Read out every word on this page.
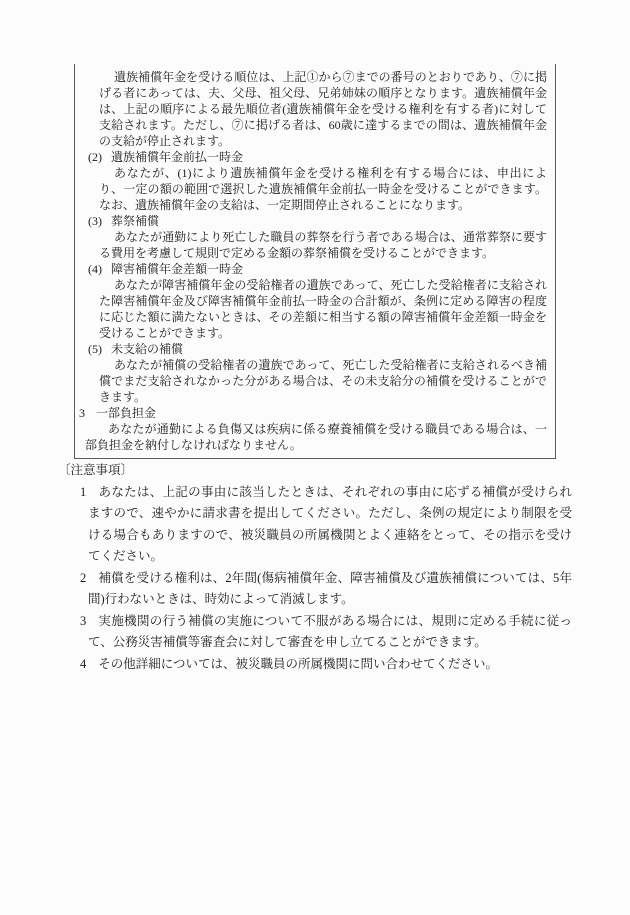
遺族補償年金を受ける順位は、上記①から⑦までの番号のとおりであり、⑦に掲げる者にあっては、夫、父母、祖父母、兄弟姉妹の順序となります。遺族補償年金は、上記の順序による最先順位者(遺族補償年金を受ける権利を有する者)に対して支給されます。ただし、⑦に掲げる者は、60歳に達するまでの間は、遺族補償年金の支給が停止されます。

(2) 遺族補償年金前払一時金

あなたが、(1)により遺族補償年金を受ける権利を有する場合には、申出により、一定の額の範囲で選択した遺族補償年金前払一時金を受けることができます。なお、遺族補償年金の支給は、一定期間停止されることになります。

(3) 葬祭補償

あなたが通勤により死亡した職員の葬祭を行う者である場合は、通常葬祭に要する費用を考慮して規則で定める金額の葬祭補償を受けることができます。

(4) 障害補償年金差額一時金

あなたが障害補償年金の受給権者の遺族であって、死亡した受給権者に支給された障害補償年金及び障害補償年金前払一時金の合計額が、条例に定める障害の程度に応じた額に満たないときは、その差額に相当する額の障害補償年金差額一時金を受けることができます。

(5) 未支給の補償

あなたが補償の受給権者の遺族であって、死亡した受給権者に支給されるべき補償でまだ支給されなかった分がある場合は、その未支給分の補償を受けることができます。

3 一部負担金

あなたが通勤による負傷又は疾病に係る療養補償を受ける職員である場合は、一部負担金を納付しなければなりません。

〔注意事項〕

1 あなたは、上記の事由に該当したときは、それぞれの事由に応ずる補償が受けられますので、速やかに請求書を提出してください。ただし、条例の規定により制限を受ける場合もありますので、被災職員の所属機関とよく連絡をとって、その指示を受けてください。
2 補償を受ける権利は、2年間(傷病補償年金、障害補償及び遺族補償については、5年間)行わないときは、時効によって消滅します。
3 実施機関の行う補償の実施について不服がある場合には、規則に定める手続に従って、公務災害補償等審査会に対して審査を申し立てることができます。
4 その他詳細については、被災職員の所属機関に問い合わせてください。
